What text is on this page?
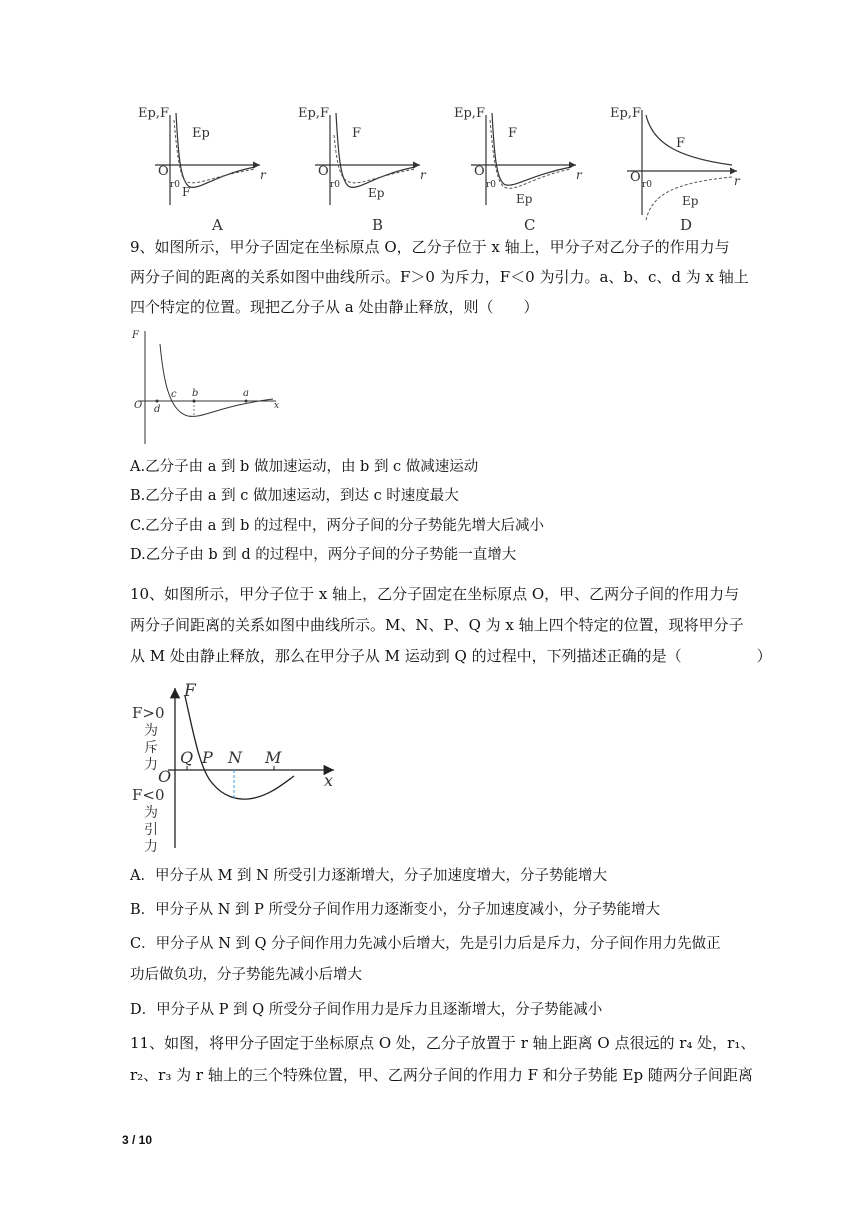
Ep,F
O	r
Ep
F
r0
A
Ep,F
O	r
F
Ep
r0
B
Ep,F
O	r
F
Ep
r0
C
Ep,F
O	r
F
Ep
r0
D
9、如图所示，甲分子固定在坐标原点 O，乙分子位于 x 轴上，甲分子对乙分子的作用力与
两分子间的距离的关系如图中曲线所示。F＞0 为斥力，F＜0 为引力。a、b、c、d 为 x 轴上
四个特定的位置。现把乙分子从 a 处由静止释放，则（　　）
F
O	x
d
c b	a
A.乙分子由 a 到 b 做加速运动，由 b 到 c 做减速运动
B.乙分子由 a 到 c 做加速运动，到达 c 时速度最大
C.乙分子由 a 到 b 的过程中，两分子间的分子势能先增大后减小
D.乙分子由 b 到 d 的过程中，两分子间的分子势能一直增大
10、如图所示，甲分子位于 x 轴上，乙分子固定在坐标原点 O，甲、乙两分子间的作用力与
两分子间距离的关系如图中曲线所示。M、N、P、Q 为 x 轴上四个特定的位置，现将甲分子
从 M 处由静止释放，那么在甲分子从 M 运动到 Q 的过程中，下列描述正确的是（　　　　　）
F
x
O
F>0
为
斥
力
F<0
为
引
力
Q P N M
A．甲分子从 M 到 N 所受引力逐渐增大，分子加速度增大，分子势能增大
B．甲分子从 N 到 P 所受分子间作用力逐渐变小，分子加速度减小，分子势能增大
C．甲分子从 N 到 Q 分子间作用力先减小后增大，先是引力后是斥力，分子间作用力先做正
功后做负功，分子势能先减小后增大
D．甲分子从 P 到 Q 所受分子间作用力是斥力且逐渐增大，分子势能减小
11、如图，将甲分子固定于坐标原点 O 处，乙分子放置于 r 轴上距离 O 点很远的 r₄ 处，r₁、
r₂、r₃ 为 r 轴上的三个特殊位置，甲、乙两分子间的作用力 F 和分子势能 Ep 随两分子间距离
3 / 10
